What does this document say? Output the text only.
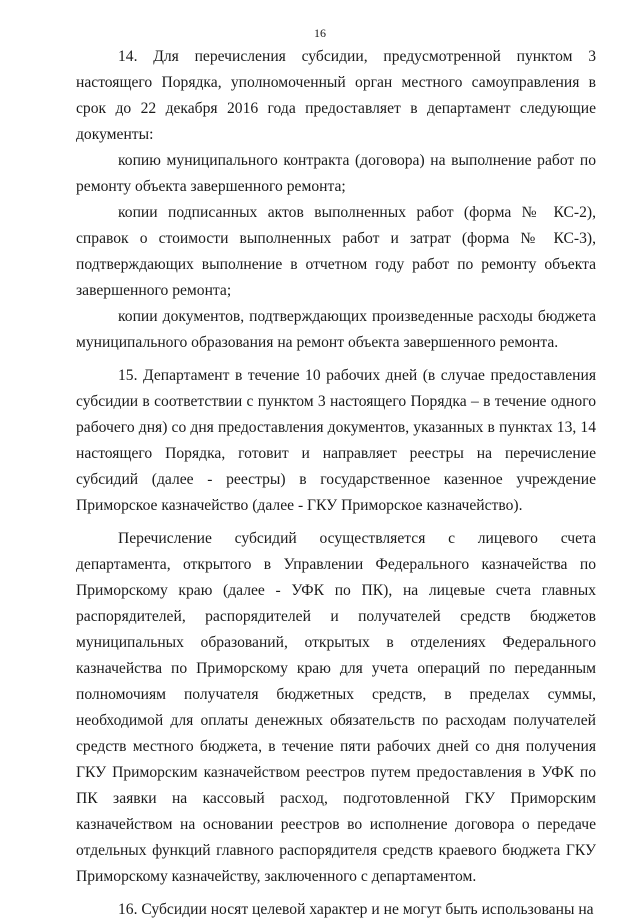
16

14. Для перечисления субсидии, предусмотренной пунктом 3 настоящего Порядка, уполномоченный орган местного самоуправления в срок до 22 декабря 2016 года предоставляет в департамент следующие документы:

копию муниципального контракта (договора) на выполнение работ по ремонту объекта завершенного ремонта;

копии подписанных актов выполненных работ (форма № КС-2), справок о стоимости выполненных работ и затрат (форма № КС-3), подтверждающих выполнение в отчетном году работ по ремонту объекта завершенного ремонта;

копии документов, подтверждающих произведенные расходы бюджета муниципального образования на ремонт объекта завершенного ремонта.

15. Департамент в течение 10 рабочих дней (в случае предоставления субсидии в соответствии с пунктом 3 настоящего Порядка – в течение одного рабочего дня) со дня предоставления документов, указанных в пунктах 13, 14 настоящего Порядка, готовит и направляет реестры на перечисление субсидий (далее - реестры) в государственное казенное учреждение Приморское казначейство (далее - ГКУ Приморское казначейство).

Перечисление субсидий осуществляется с лицевого счета департамента, открытого в Управлении Федерального казначейства по Приморскому краю (далее - УФК по ПК), на лицевые счета главных распорядителей, распорядителей и получателей средств бюджетов муниципальных образований, открытых в отделениях Федерального казначейства по Приморскому краю для учета операций по переданным полномочиям получателя бюджетных средств, в пределах суммы, необходимой для оплаты денежных обязательств по расходам получателей средств местного бюджета, в течение пяти рабочих дней со дня получения ГКУ Приморским казначейством реестров путем предоставления в УФК по ПК заявки на кассовый расход, подготовленной ГКУ Приморским казначейством на основании реестров во исполнение договора о передаче отдельных функций главного распорядителя средств краевого бюджета ГКУ Приморскому казначейству, заключенного с департаментом.

16. Субсидии носят целевой характер и не могут быть использованы на
